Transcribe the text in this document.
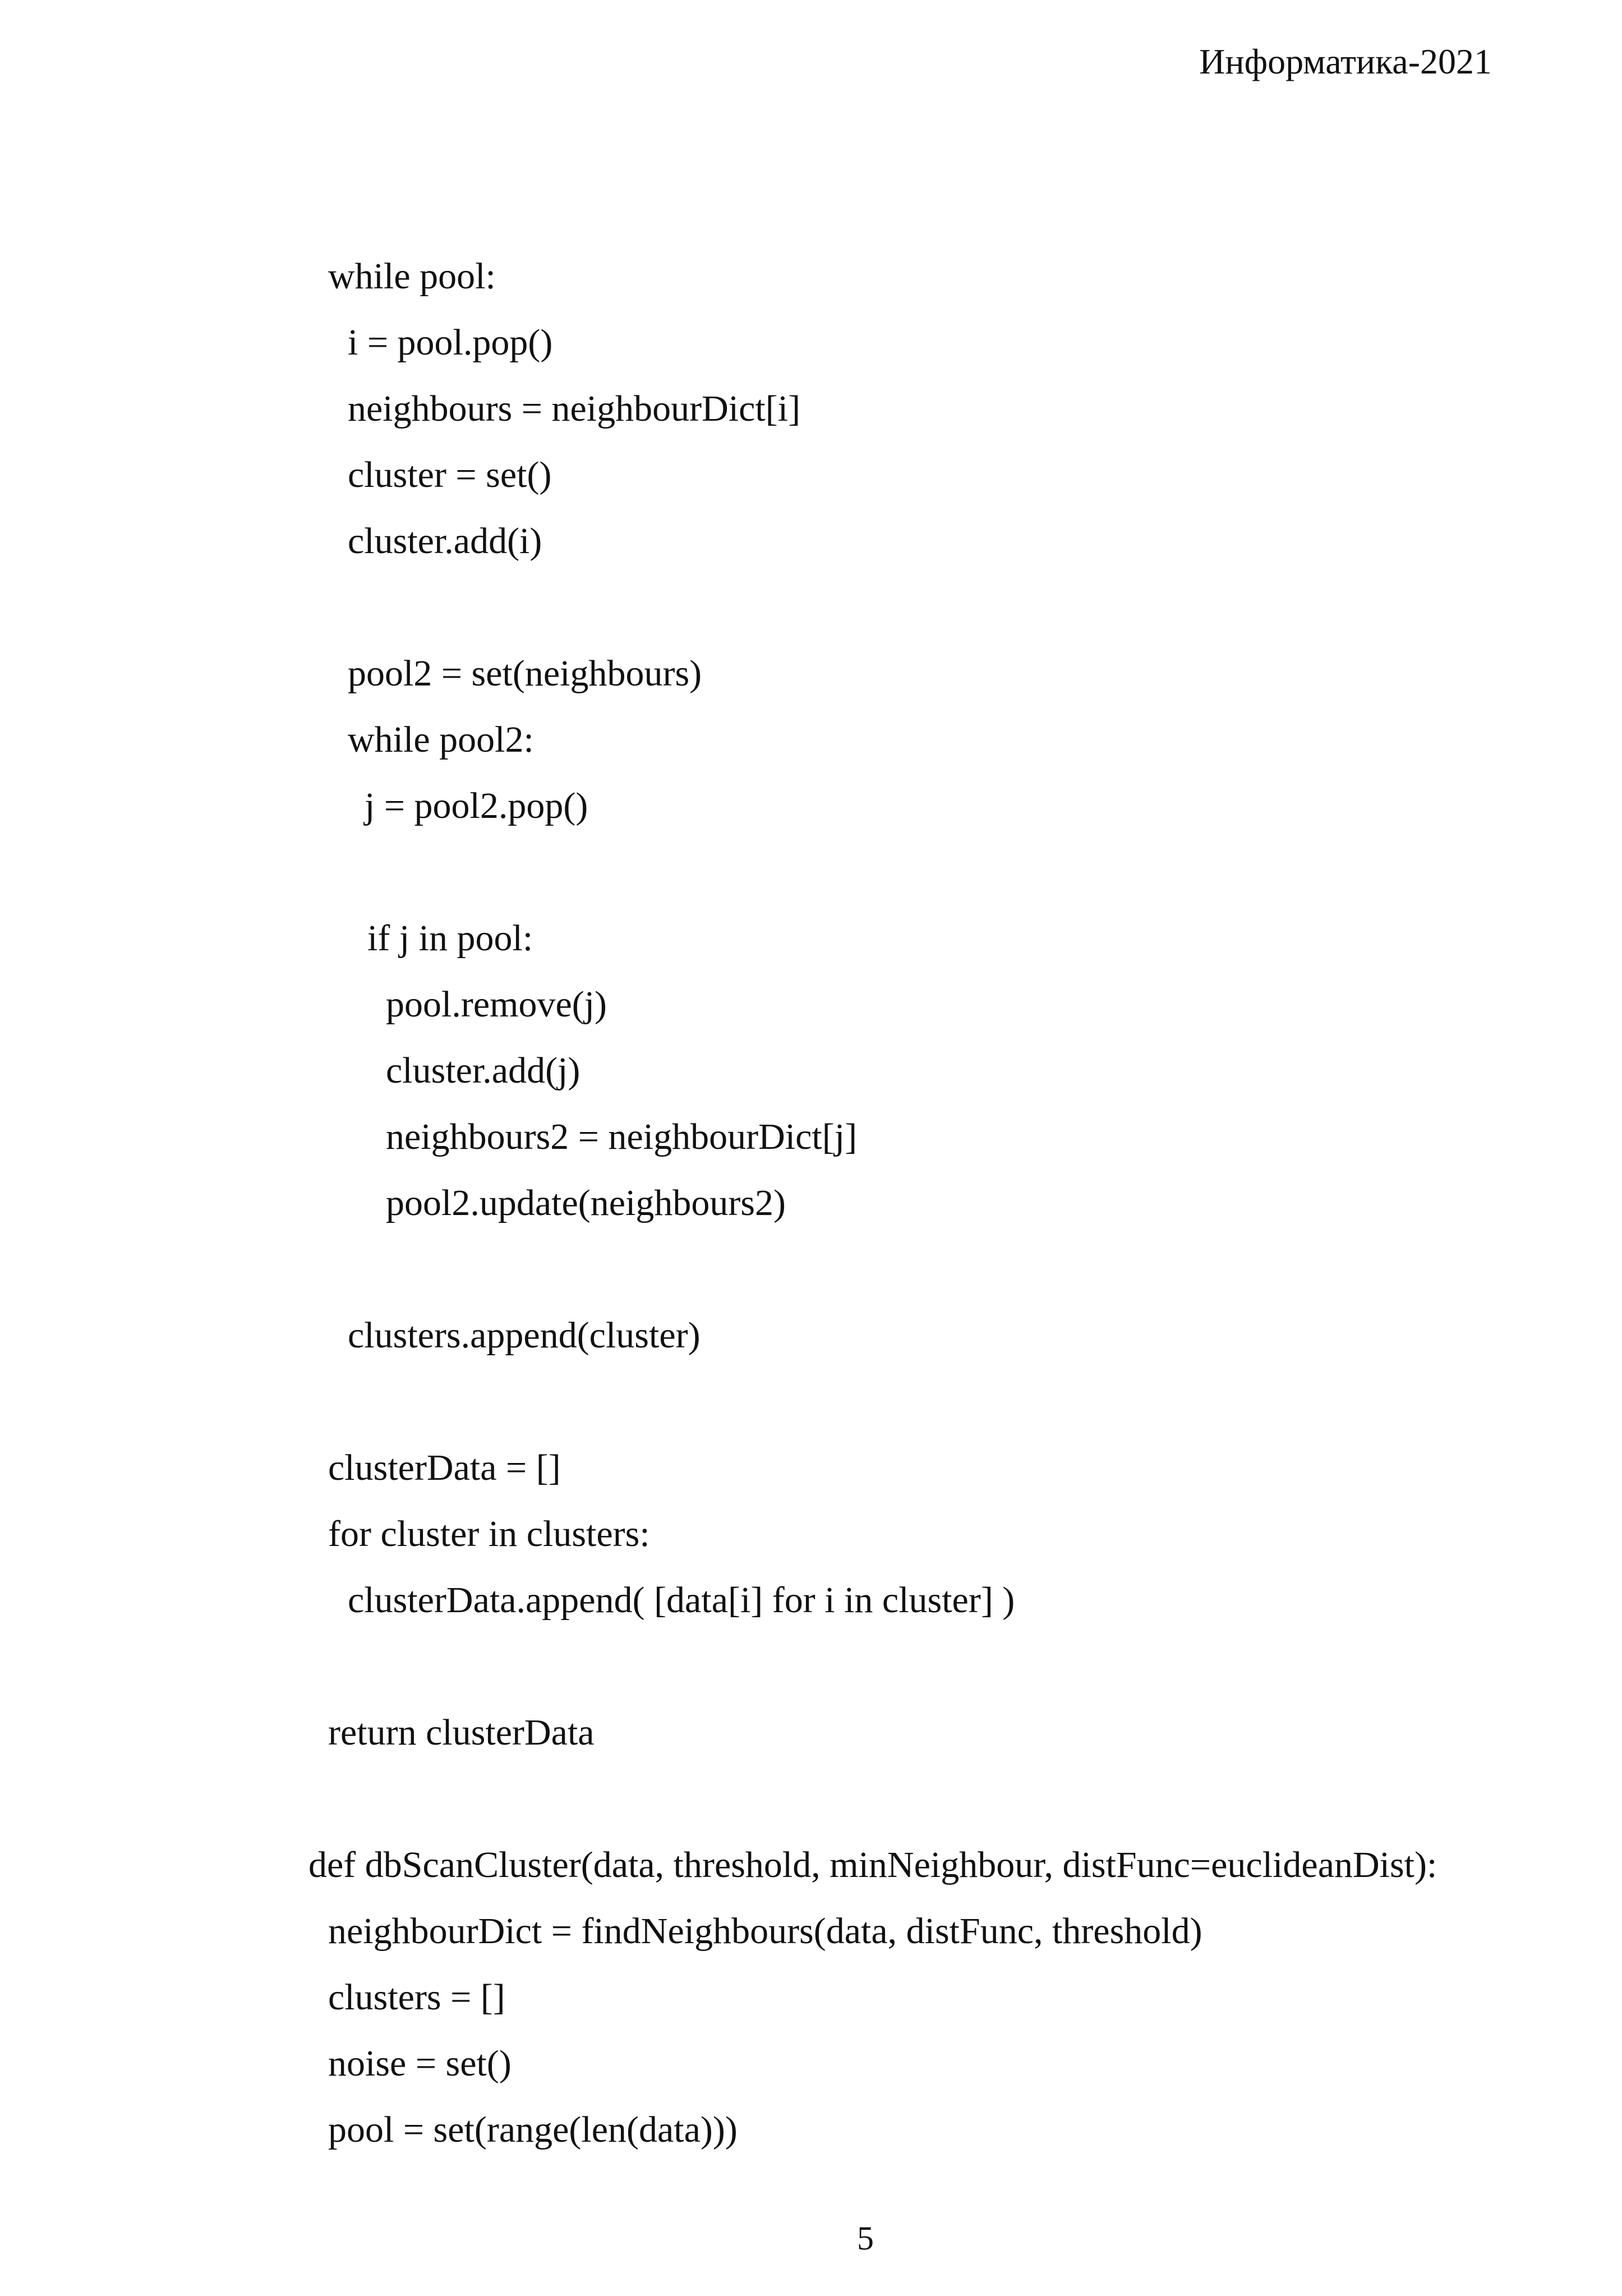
Информатика-2021
while pool:
i = pool.pop()
neighbours = neighbourDict[i]
cluster = set()
cluster.add(i)
pool2 = set(neighbours)
while pool2:
j = pool2.pop()
if j in pool:
pool.remove(j)
cluster.add(j)
neighbours2 = neighbourDict[j]
pool2.update(neighbours2)
clusters.append(cluster)
clusterData = []
for cluster in clusters:
clusterData.append( [data[i] for i in cluster] )
return clusterData
def dbScanCluster(data, threshold, minNeighbour, distFunc=euclideanDist):
neighbourDict = findNeighbours(data, distFunc, threshold)
clusters = []
noise = set()
pool = set(range(len(data)))
5
